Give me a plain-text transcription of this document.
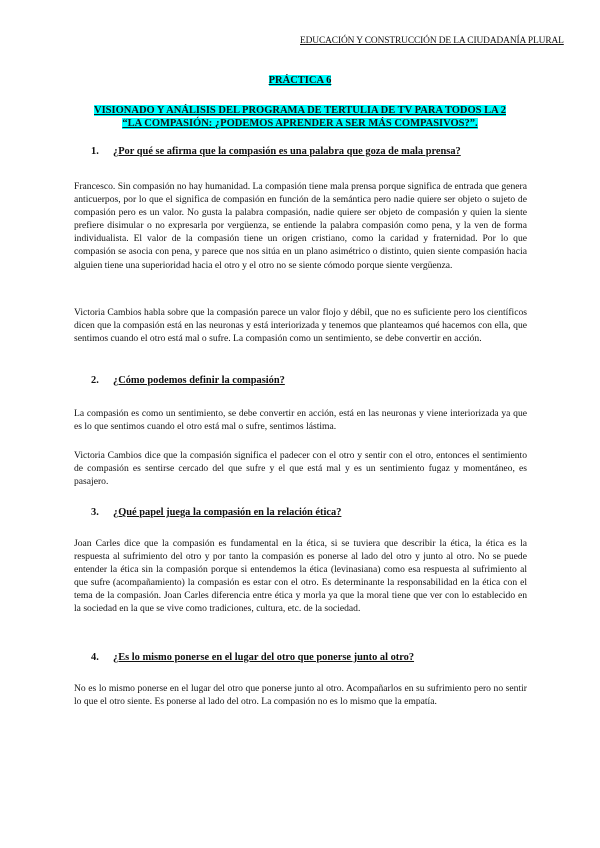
EDUCACIÓN Y CONSTRUCCIÓN DE LA CIUDADANÍA PLURAL
PRÁCTICA 6
VISIONADO Y ANÁLISIS DEL PROGRAMA DE TERTULIA DE TV PARA TODOS LA 2
“LA COMPASIÓN: ¿PODEMOS APRENDER A SER MÁS COMPASIVOS?”.
1. ¿Por qué se afirma que la compasión es una palabra que goza de mala prensa?

Francesco. Sin compasión no hay humanidad. La compasión tiene mala prensa porque significa de entrada que genera anticuerpos, por lo que el significa de compasión en función de la semántica pero nadie quiere ser objeto o sujeto de compasión pero es un valor. No gusta la palabra compasión, nadie quiere ser objeto de compasión y quien la siente prefiere disimular o no expresarla por vergüenza, se entiende la palabra compasión como pena, y la ven de forma individualista. El valor de la compasión tiene un origen cristiano, como la caridad y fraternidad. Por lo que compasión se asocia con pena, y parece que nos sitúa en un plano asimétrico o distinto, quien siente compasión hacia alguien tiene una superioridad hacia el otro y el otro no se siente cómodo porque siente vergüenza.

Victoria Cambios habla sobre que la compasión parece un valor flojo y débil, que no es suficiente pero los científicos dicen que la compasión está en las neuronas y está interiorizada y tenemos que planteamos qué hacemos con ella, que sentimos cuando el otro está mal o sufre. La compasión como un sentimiento, se debe convertir en acción.

2. ¿Cómo podemos definir la compasión?

La compasión es como un sentimiento, se debe convertir en acción, está en las neuronas y viene interiorizada ya que es lo que sentimos cuando el otro está mal o sufre, sentimos lástima.

Victoria Cambios dice que la compasión significa el padecer con el otro y sentir con el otro, entonces el sentimiento de compasión es sentirse cercado del que sufre y el que está mal y es un sentimiento fugaz y momentáneo, es pasajero.

3. ¿Qué papel juega la compasión en la relación ética?

Joan Carles dice que la compasión es fundamental en la ética, si se tuviera que describir la ética, la ética es la respuesta al sufrimiento del otro y por tanto la compasión es ponerse al lado del otro y junto al otro. No se puede entender la ética sin la compasión porque si entendemos la ética (levinasiana) como esa respuesta al sufrimiento al que sufre (acompañamiento) la compasión es estar con el otro. Es determinante la responsabilidad en la ética con el tema de la compasión. Joan Carles diferencia entre ética y morla ya que la moral tiene que ver con lo establecido en la sociedad en la que se vive como tradiciones, cultura, etc. de la sociedad.

4. ¿Es lo mismo ponerse en el lugar del otro que ponerse junto al otro?

No es lo mismo ponerse en el lugar del otro que ponerse junto al otro. Acompañarlos en su sufrimiento pero no sentir lo que el otro siente. Es ponerse al lado del otro. La compasión no es lo mismo que la empatía.
